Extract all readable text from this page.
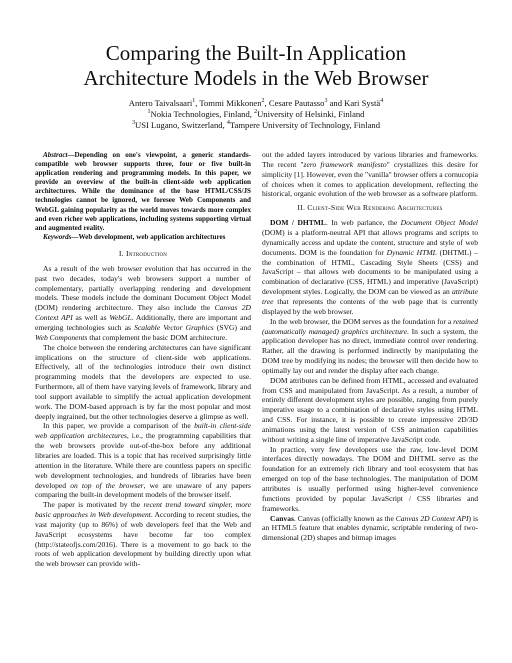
Comparing the Built-In Application
Architecture Models in the Web Browser
Antero Taivalsaari$^1$, Tommi Mikkonen$^2$, Cesare Pautasso$^3$ and Kari Systä$^4$
$^1$Nokia Technologies, Finland, $^2$University of Helsinki, Finland
$^3$USI Lugano, Switzerland, $^4$Tampere University of Technology, Finland

Abstract—Depending on one's viewpoint, a generic standards-compatible web browser supports three, four or five built-in application rendering and programming models. In this paper, we provide an overview of the built-in client-side web application architectures. While the dominance of the base HTML/CSS/JS technologies cannot be ignored, we foresee Web Components and WebGL gaining popularity as the world moves towards more complex and even richer web applications, including systems supporting virtual and augmented reality.

Keywords—Web development, web application architectures

I. Introduction

As a result of the web browser evolution that has occurred in the past two decades, today's web browsers support a number of complementary, partially overlapping rendering and development models. These models include the dominant Document Object Model (DOM) rendering architecture. They also include the Canvas 2D Context API as well as WebGL. Additionally, there are important and emerging technologies such as Scalable Vector Graphics (SVG) and Web Components that complement the basic DOM architecture.

The choice between the rendering architectures can have significant implications on the structure of client-side web applications. Effectively, all of the technologies introduce their own distinct programming models that the developers are expected to use. Furthermore, all of them have varying levels of framework, library and tool support available to simplify the actual application development work. The DOM-based approach is by far the most popular and most deeply ingrained, but the other technologies deserve a glimpse as well.

In this paper, we provide a comparison of the built-in client-side web application architectures, i.e., the programming capabilities that the web browsers provide out-of-the-box before any additional libraries are loaded. This is a topic that has received surprisingly little attention in the literature. While there are countless papers on specific web development technologies, and hundreds of libraries have been developed on top of the browser, we are unaware of any papers comparing the built-in development models of the browser itself.

The paper is motivated by the recent trend toward simpler, more basic approaches in Web development. According to recent studies, the vast majority (up to 86%) of web developers feel that the Web and JavaScript ecosystems have become far too complex (http://stateofjs.com/2016). There is a movement to go back to the roots of web application development by building directly upon what the web browser can provide with-

out the added layers introduced by various libraries and frameworks. The recent "zero framework manifesto" crystallizes this desire for simplicity [1]. However, even the "vanilla" browser offers a cornucopia of choices when it comes to application development, reflecting the historical, organic evolution of the web browser as a software platform.

II. Client-Side Web Rendering Architectures

DOM / DHTML. In web parlance, the Document Object Model (DOM) is a platform-neutral API that allows programs and scripts to dynamically access and update the content, structure and style of web documents. DOM is the foundation for Dynamic HTML (DHTML) – the combination of HTML, Cascading Style Sheets (CSS) and JavaScript – that allows web documents to be manipulated using a combination of declarative (CSS, HTML) and imperative (JavaScript) development styles. Logically, the DOM can be viewed as an attribute tree that represents the contents of the web page that is currently displayed by the web browser.

In the web browser, the DOM serves as the foundation for a retained (automatically managed) graphics architecture. In such a system, the application developer has no direct, immediate control over rendering. Rather, all the drawing is performed indirectly by manipulating the DOM tree by modifying its nodes; the browser will then decide how to optimally lay out and render the display after each change.

DOM attributes can be defined from HTML, accessed and evaluated from CSS and manipulated from JavaScript. As a result, a number of entirely different development styles are possible, ranging from purely imperative usage to a combination of declarative styles using HTML and CSS. For instance, it is possible to create impressive 2D/3D animations using the latest version of CSS animation capabilities without writing a single line of imperative JavaScript code.

In practice, very few developers use the raw, low-level DOM interfaces directly nowadays. The DOM and DHTML serve as the foundation for an extremely rich library and tool ecosystem that has emerged on top of the base technologies. The manipulation of DOM attributes is usually performed using higher-level convenience functions provided by popular JavaScript / CSS libraries and frameworks.

Canvas. Canvas (officially known as the Canvas 2D Context API) is an HTML5 feature that enables dynamic, scriptable rendering of two-dimensional (2D) shapes and bitmap images
